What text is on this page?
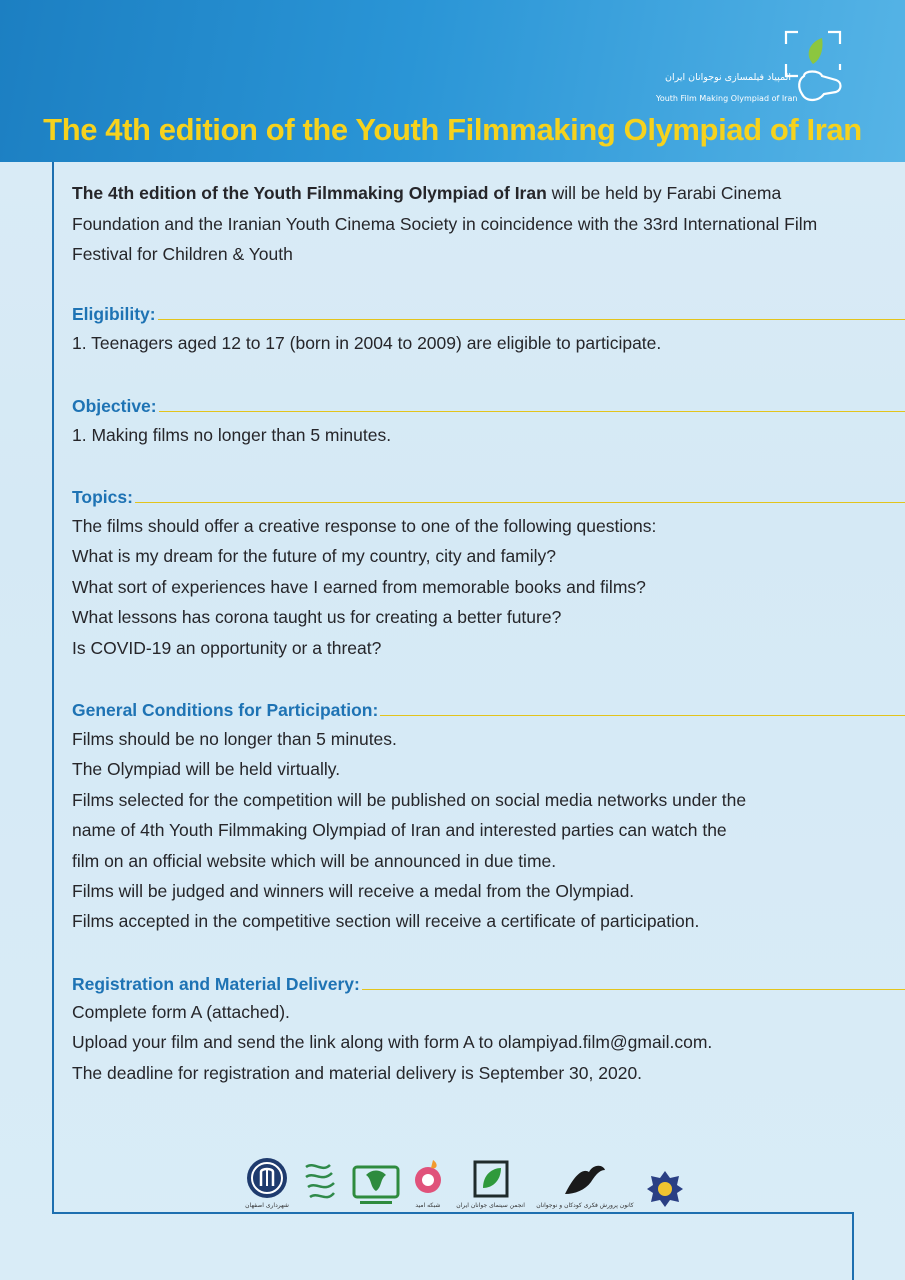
المپیاد فیلمسازی نوجوانان ایران
Youth Film Making Olympiad of Iran
The 4th edition of the Youth Filmmaking Olympiad of Iran

The 4th edition of the Youth Filmmaking Olympiad of Iran will be held by Farabi Cinema Foundation and the Iranian Youth Cinema Society in coincidence with the 33rd International Film Festival for Children & Youth

Eligibility:
1. Teenagers aged 12 to 17 (born in 2004 to 2009) are eligible to participate.
Objective:
1. Making films no longer than 5 minutes.
Topics:
The films should offer a creative response to one of the following questions:
What is my dream for the future of my country, city and family?
What sort of experiences have I earned from memorable books and films?
What lessons has corona taught us for creating a better future?
Is COVID-19 an opportunity or a threat?
General Conditions for Participation:
Films should be no longer than 5 minutes.
The Olympiad will be held virtually.
Films selected for the competition will be published on social media networks under the
name of 4th Youth Filmmaking Olympiad of Iran and interested parties can watch the
film on an official website which will be announced in due time.
Films will be judged and winners will receive a medal from the Olympiad.
Films accepted in the competitive section will receive a certificate of participation.
Registration and Material Delivery:
Complete form A (attached).
Upload your film and send the link along with form A to olampiyad.film@gmail.com.
The deadline for registration and material delivery is September 30, 2020.
شهرداری اصفهان	شبکه امید	انجمن سینمای جوانان ایران کانون پرورش فکری کودکان و نوجوانان
